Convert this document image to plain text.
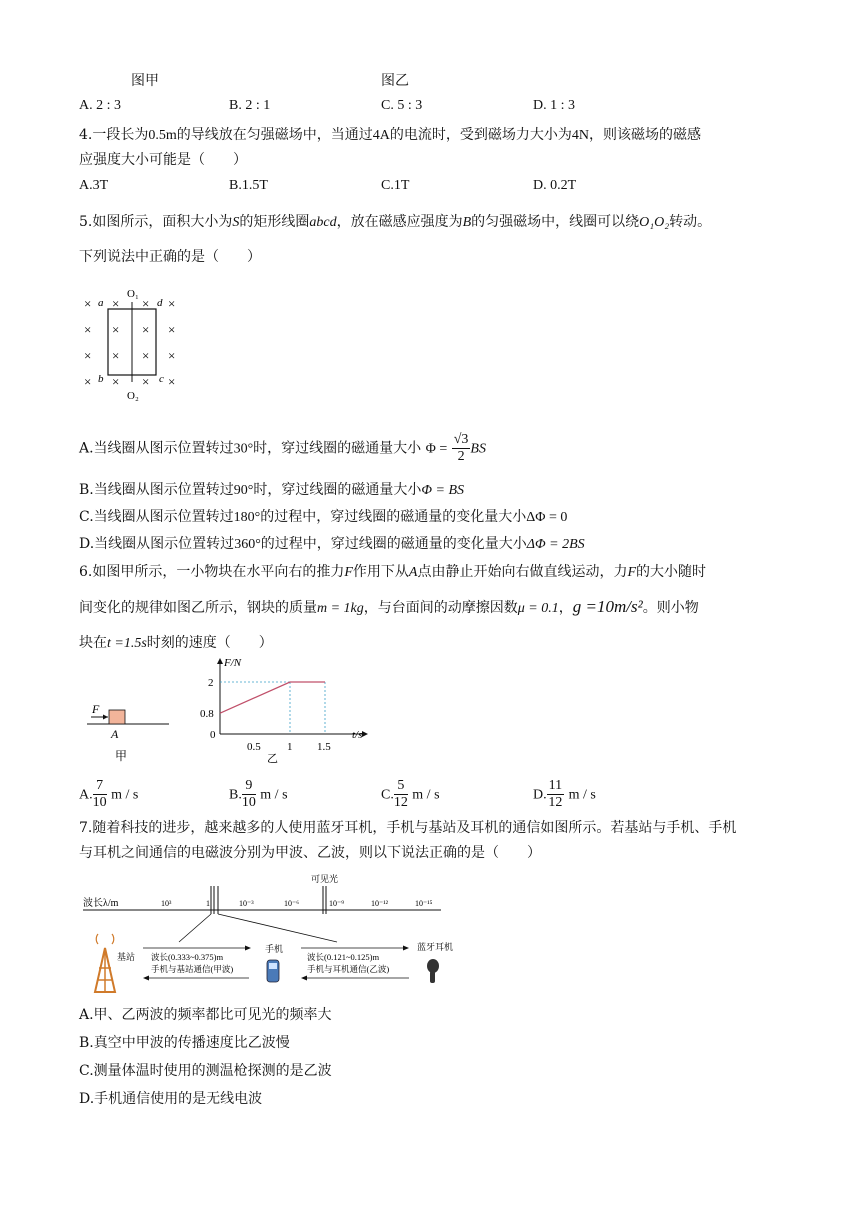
图甲	图乙
A. 2 : 3	B. 2 : 1	C. 5 : 3	D. 1 : 3
4.一段长为0.5m的导线放在匀强磁场中，当通过4A的电流时，受到磁场力大小为4N，则该磁场的磁感
应强度大小可能是（　　）
A.3T	B.1.5T	C.1T	D. 0.2T
5.如图所示，面积大小为S的矩形线圈abcd，放在磁感应强度为B的匀强磁场中，线圈可以绕O₁O₂转动。
下列说法中正确的是（　　）
O₁
O₂
a	d
b	c
× × × ×
× × × ×
× × × ×
× × × ×
A.当线圈从图示位置转过30°时，穿过线圈的磁通量大小 $\Phi = \frac{√3}{2}$ BS
B.当线圈从图示位置转过90°时，穿过线圈的磁通量大小Φ = BS
C.当线圈从图示位置转过180°的过程中，穿过线圈的磁通量的变化量大小ΔΦ = 0
D.当线圈从图示位置转过360°的过程中，穿过线圈的磁通量的变化量大小ΔΦ = 2BS
6.如图甲所示，一小物块在水平向右的推力F作用下从A点由静止开始向右做直线运动，力F的大小随时
间变化的规律如图乙所示，钢块的质量m = 1kg，与台面间的动摩擦因数μ = 0.1，g =10m/s²。则小物
块在t =1.5s时刻的速度（　　）
F
A
甲
F/N
t/s
0
2
0.8
0.5 1 1.5
乙
A. $\frac{7}{10}$ m / s	B. $\frac{9}{10}$ m / s	C. $\frac{5}{12}$ m / s	D. $\frac{11}{12}$ m / s
7.随着科技的进步，越来越多的人使用蓝牙耳机，手机与基站及耳机的通信如图所示。若基站与手机、手机
与耳机之间通信的电磁波分别为甲波、乙波，则以下说法正确的是（　　）
波长λ/m	10³	1	10⁻³	10⁻⁶	10⁻⁹	10⁻¹²	10⁻¹⁵
可见光
基站 波长(0.333~0.375)m
手机与基站通信(甲波)
手机
波长(0.121~0.125)m
手机与耳机通信(乙波)
蓝牙耳机
A.甲、乙两波的频率都比可见光的频率大
B.真空中甲波的传播速度比乙波慢
C.测量体温时使用的测温枪探测的是乙波
D.手机通信使用的是无线电波
